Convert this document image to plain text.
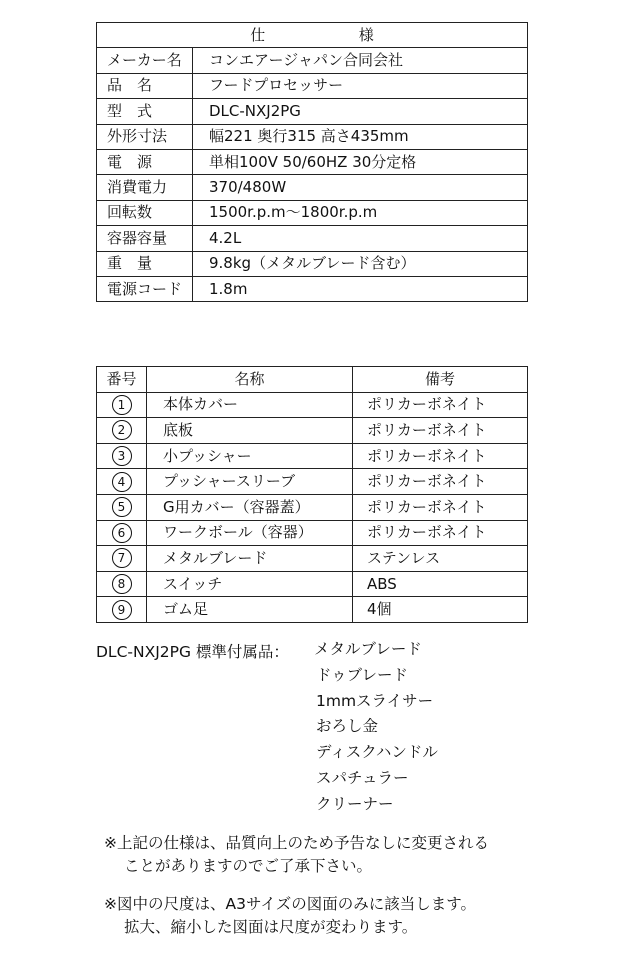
仕 様	
メーカー名	コンエアージャパン合同会社
品　名	フードプロセッサー
型　式	DLC-NXJ2PG
外形寸法	幅221 奥行315 高さ435mm
電　源	単相100V 50/60HZ 30分定格
消費電力	370/480W
回転数	1500r.p.m〜1800r.p.m
容器容量	4.2L
重　量	9.8kg（メタルブレード含む）
電源コード	1.8m
番号	名称	備考
1	本体カバー	ポリカーボネイト
2	底板	ポリカーボネイト
3	小プッシャー	ポリカーボネイト
4	プッシャースリーブ	ポリカーボネイト
5	G用カバー（容器蓋）	ポリカーボネイト
6	ワークボール（容器）	ポリカーボネイト
7	メタルブレード	ステンレス
8	スイッチ	ABS
9	ゴム足	4個
DLC-NXJ2PG 標準付属品： メタルブレード
ドゥブレード
1mmスライサー
おろし金
ディスクハンドル
スパチュラー
クリーナー
※上記の仕様は、品質向上のため予告なしに変更される
ことがありますのでご了承下さい。
※図中の尺度は、A3サイズの図面のみに該当します。
拡大、縮小した図面は尺度が変わります。
